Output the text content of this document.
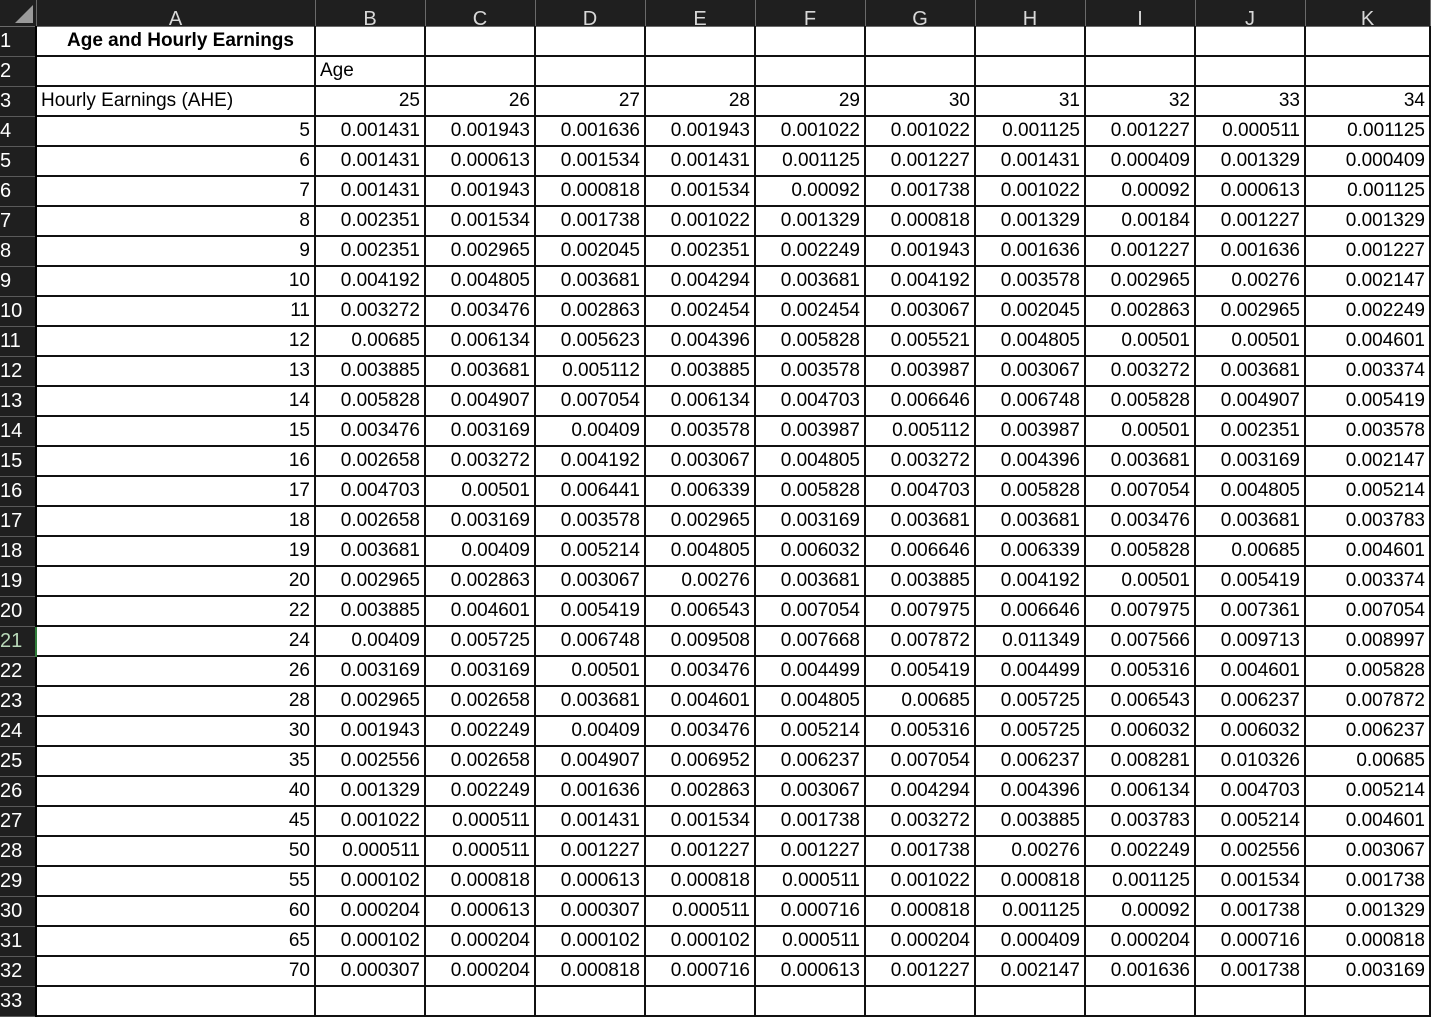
	A	B	C	D	E	F	G	H	I	J	K
1	Age and Hourly Earnings										
2		Age									
3	Hourly Earnings (AHE)	25	26	27	28	29	30	31	32	33	34
4	5	0.001431	0.001943	0.001636	0.001943	0.001022	0.001022	0.001125	0.001227	0.000511	0.001125
5	6	0.001431	0.000613	0.001534	0.001431	0.001125	0.001227	0.001431	0.000409	0.001329	0.000409
6	7	0.001431	0.001943	0.000818	0.001534	0.00092	0.001738	0.001022	0.00092	0.000613	0.001125
7	8	0.002351	0.001534	0.001738	0.001022	0.001329	0.000818	0.001329	0.00184	0.001227	0.001329
8	9	0.002351	0.002965	0.002045	0.002351	0.002249	0.001943	0.001636	0.001227	0.001636	0.001227
9	10	0.004192	0.004805	0.003681	0.004294	0.003681	0.004192	0.003578	0.002965	0.00276	0.002147
10	11	0.003272	0.003476	0.002863	0.002454	0.002454	0.003067	0.002045	0.002863	0.002965	0.002249
11	12	0.00685	0.006134	0.005623	0.004396	0.005828	0.005521	0.004805	0.00501	0.00501	0.004601
12	13	0.003885	0.003681	0.005112	0.003885	0.003578	0.003987	0.003067	0.003272	0.003681	0.003374
13	14	0.005828	0.004907	0.007054	0.006134	0.004703	0.006646	0.006748	0.005828	0.004907	0.005419
14	15	0.003476	0.003169	0.00409	0.003578	0.003987	0.005112	0.003987	0.00501	0.002351	0.003578
15	16	0.002658	0.003272	0.004192	0.003067	0.004805	0.003272	0.004396	0.003681	0.003169	0.002147
16	17	0.004703	0.00501	0.006441	0.006339	0.005828	0.004703	0.005828	0.007054	0.004805	0.005214
17	18	0.002658	0.003169	0.003578	0.002965	0.003169	0.003681	0.003681	0.003476	0.003681	0.003783
18	19	0.003681	0.00409	0.005214	0.004805	0.006032	0.006646	0.006339	0.005828	0.00685	0.004601
19	20	0.002965	0.002863	0.003067	0.00276	0.003681	0.003885	0.004192	0.00501	0.005419	0.003374
20	22	0.003885	0.004601	0.005419	0.006543	0.007054	0.007975	0.006646	0.007975	0.007361	0.007054
21	24	0.00409	0.005725	0.006748	0.009508	0.007668	0.007872	0.011349	0.007566	0.009713	0.008997
22	26	0.003169	0.003169	0.00501	0.003476	0.004499	0.005419	0.004499	0.005316	0.004601	0.005828
23	28	0.002965	0.002658	0.003681	0.004601	0.004805	0.00685	0.005725	0.006543	0.006237	0.007872
24	30	0.001943	0.002249	0.00409	0.003476	0.005214	0.005316	0.005725	0.006032	0.006032	0.006237
25	35	0.002556	0.002658	0.004907	0.006952	0.006237	0.007054	0.006237	0.008281	0.010326	0.00685
26	40	0.001329	0.002249	0.001636	0.002863	0.003067	0.004294	0.004396	0.006134	0.004703	0.005214
27	45	0.001022	0.000511	0.001431	0.001534	0.001738	0.003272	0.003885	0.003783	0.005214	0.004601
28	50	0.000511	0.000511	0.001227	0.001227	0.001227	0.001738	0.00276	0.002249	0.002556	0.003067
29	55	0.000102	0.000818	0.000613	0.000818	0.000511	0.001022	0.000818	0.001125	0.001534	0.001738
30	60	0.000204	0.000613	0.000307	0.000511	0.000716	0.000818	0.001125	0.00092	0.001738	0.001329
31	65	0.000102	0.000204	0.000102	0.000102	0.000511	0.000204	0.000409	0.000204	0.000716	0.000818
32	70	0.000307	0.000204	0.000818	0.000716	0.000613	0.001227	0.002147	0.001636	0.001738	0.003169
33											
